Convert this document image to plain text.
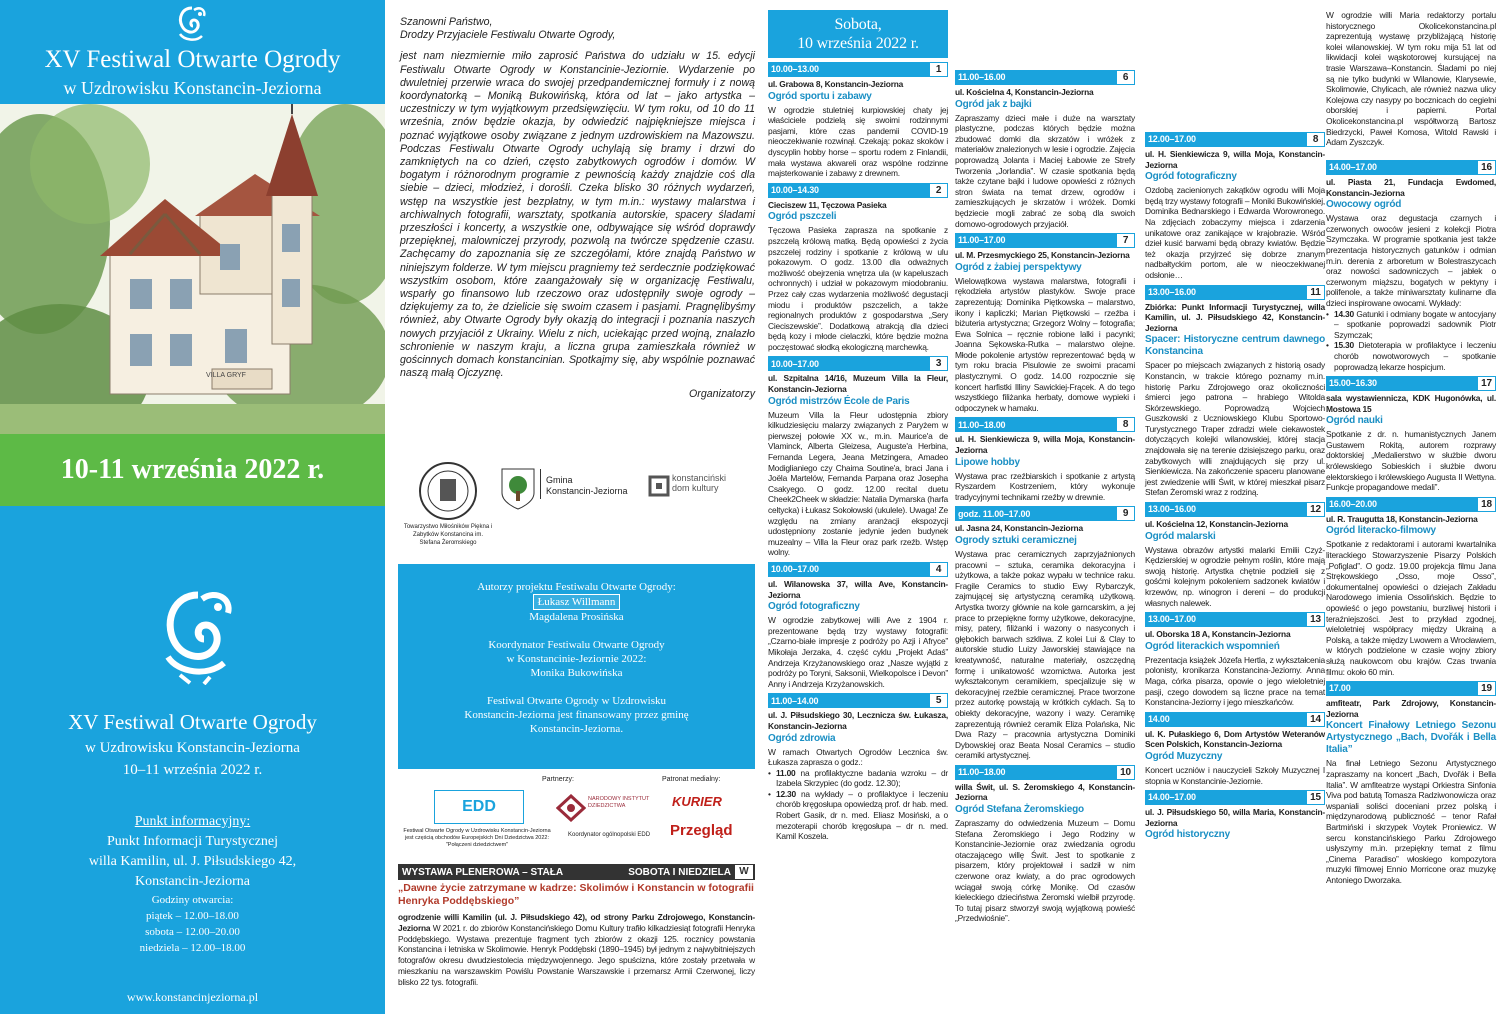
XV Festiwal Otwarte Ogrody
w Uzdrowisku Konstancin-Jeziorna
VILLA GRYF
10-11 września 2022 r.
XV Festiwal Otwarte Ogrody
w Uzdrowisku Konstancin-Jeziorna
10–11 września 2022 r.
Punkt informacyjny:
Punkt Informacji Turystycznej
willa Kamilin, ul. J. Piłsudskiego 42,
Konstancin-Jeziorna
Godziny otwarcia:
piątek – 12.00–18.00
sobota – 12.00–20.00
niedziela – 12.00–18.00
www.konstancinjeziorna.pl
Szanowni Państwo,
Drodzy Przyjaciele Festiwalu Otwarte Ogrody,
jest nam niezmiernie miło zaprosić Państwa do udziału w 15. edycji Festiwalu Otwarte Ogrody w Konstancinie-Jeziornie. Wydarzenie po dwuletniej przerwie wraca do swojej przedpandemicznej formuły i z nową koordynatorką – Moniką Bukowińską, która od lat – jako artystka – uczestniczy w tym wyjątkowym przedsięwzięciu. W tym roku, od 10 do 11 września, znów będzie okazja, by odwiedzić najpiękniejsze miejsca i poznać wyjątkowe osoby związane z jednym uzdrowiskiem na Mazowszu. Podczas Festiwalu Otwarte Ogrody uchylają się bramy i drzwi do zamkniętych na co dzień, często zabytkowych ogrodów i domów. W bogatym i różnorodnym programie z pewnością każdy znajdzie coś dla siebie – dzieci, młodzież, i dorośli. Czeka blisko 30 różnych wydarzeń, wstęp na wszystkie jest bezpłatny, w tym m.in.: wystawy malarstwa i archiwalnych fotografii, warsztaty, spotkania autorskie, spacery śladami przeszłości i koncerty, a wszystkie one, odbywające się wśród doprawdy przepięknej, malowniczej przyrody, pozwolą na twórcze spędzenie czasu. Zachęcamy do zapoznania się ze szczegółami, które znajdą Państwo w niniejszym folderze. W tym miejscu pragniemy też serdecznie podziękować wszystkim osobom, które zaangażowały się w organizację Festiwalu, wsparły go finansowo lub rzeczowo oraz udostępniły swoje ogrody – dziękujemy za to, że dzielicie się swoim czasem i pasjami. Pragnęlibyśmy również, aby Otwarte Ogrody były okazją do integracji i poznania naszych nowych przyjaciół z Ukrainy. Wielu z nich, uciekając przed wojną, znalazło schronienie w naszym kraju, a liczna grupa zamieszkała również w gościnnych domach konstancinian. Spotkajmy się, aby wspólnie poznawać naszą małą Ojczyznę.
Organizatorzy
Towarzystwo Miłośników Piękna i Zabytków Konstancina im. Stefana Żeromskiego
Gmina
Konstancin-Jeziorna
konstanciński dom kultury
Autorzy projektu Festiwalu Otwarte Ogrody:
Łukasz Willmann
Magdalena Prosińska
Koordynator Festiwalu Otwarte Ogrody
w Konstancinie-Jeziornie 2022:
Monika Bukowińska
Festiwal Otwarte Ogrody w Uzdrowisku
Konstancin-Jeziorna jest finansowany przez gminę
Konstancin-Jeziorna.
Partnerzy:	Patronat medialny:
EDD
Festiwal Otwarte Ogrody w Uzdrowisku Konstancin-Jeziorna jest częścią obchodów Europejskich Dni Dziedzictwa 2022: "Połączeni dziedzictwem"
NARODOWY INSTYTUT DZIEDZICTWA
Koordynator ogólnopolski EDD
KURIER
Przegląd
WYSTAWA PLENEROWA – STAŁA	SOBOTA I NIEDZIELA W
„Dawne życie zatrzymane w kadrze: Skolimów i Konstancin w fotografii Henryka Poddębskiego”
ogrodzenie willi Kamilin (ul. J. Piłsudskiego 42), od strony Parku Zdrojowego, Konstancin-Jeziorna W 2021 r. do zbiorów Konstancińskiego Domu Kultury trafiło kilkadziesiąt fotografii Henryka Poddębskiego. Wystawa prezentuje fragment tych zbiorów z okazji 125. rocznicy powstania Konstancina i letniska w Skolimowie. Henryk Poddębski (1890–1945) był jednym z najwybitniejszych fotografów okresu dwudziestolecia międzywojennego. Jego spuścizna, które zostały przetwała w mieszkaniu na warszawskim Powiślu Powstanie Warszawskie i przemarsz Armii Czerwonej, liczy blisko 22 tys. fotografii.
Sobota,
10 września 2022 r.
10.00–13.00	1
ul. Grabowa 8, Konstancin-Jeziorna
Ogród sportu i zabawy
W ogrodzie stuletniej kurpiowskiej chaty jej właściciele podzielą się swoimi rodzinnymi pasjami, które czas pandemii COVID-19 nieoczekiwanie rozwinął. Czekają: pokaz skoków i dyscyplin hobby horse – sportu rodem z Finlandii, mała wystawa akwareli oraz wspólne rodzinne majsterkowanie i zabawy z drewnem.
10.00–14.30	2
Cieciszew 11, Tęczowa Pasieka
Ogród pszczeli
Tęczowa Pasieka zaprasza na spotkanie z pszczelą królową matką. Będą opowieści z życia pszczelej rodziny i spotkanie z królową w ulu pokazowym. O godz. 13.00 dla odważnych możliwość obejrzenia wnętrza ula (w kapeluszach ochronnych) i udział w pokazowym miodobraniu. Przez cały czas wydarzenia możliwość degustacji miodu i produktów pszczelich, a także regionalnych produktów z gospodarstwa „Sery Cieciszewskie”. Dodatkową atrakcją dla dzieci będą kozy i młode cielaczki, które będzie można poczęstować słodką ekologiczną marchewką.
10.00–17.00	3
ul. Szpitalna 14/16, Muzeum Villa la Fleur, Konstancin-Jeziorna
Ogród mistrzów École de Paris
Muzeum Villa la Fleur udostępnia zbiory kilkudziesięciu malarzy związanych z Paryżem w pierwszej połowie XX w., m.in. Maurice'a de Vlaminck, Alberta Gleizesa, Auguste'a Herbina, Fernanda Legera, Jeana Metzingera, Amadeo Modiglianiego czy Chaima Soutine'a, braci Jana i Joëla Martelów, Fernanda Parpana oraz Josepha Csakyego. O godz. 12.00 recital duetu Cheek2Cheek w składzie: Natalia Dymarska (harfa celtycka) i Łukasz Sokołowski (ukulele). Uwaga! Ze względu na zmiany aranżacji ekspozycji udostępniony zostanie jedynie jeden budynek muzealny – Villa la Fleur oraz park rzeźb. Wstęp wolny.
10.00–17.00	4
ul. Wilanowska 37, willa Ave, Konstancin-Jeziorna
Ogród fotograficzny
W ogrodzie zabytkowej willi Ave z 1904 r. prezentowane będą trzy wystawy fotografii: „Czarno-białe impresje z podróży po Azji i Afryce” Mikołaja Jerzaka, 4. część cyklu „Projekt Adaś” Andrzeja Krzyżanowskiego oraz „Nasze wyjątki z podróży po Toryni, Saksonii, Wielkopolsce i Devon” Anny i Andrzeja Krzyżanowskich.
11.00–14.00	5
ul. J. Piłsudskiego 30, Leczniczа św. Łukasza, Konstancin-Jeziorna
Ogród zdrowia
W ramach Otwartych Ogrodów Lecznica św. Łukasza zaprasza o godz.:
• 11.00 na profilaktyczne badania wzroku – dr Izabela Skrzypiec (do godz. 12.30);
• 12.30 na wykłady – o profilaktyce i leczeniu chorób kręgosłupa opowiedzą prof. dr hab. med. Robert Gasik, dr n. med. Eliasz Mosiński, a o mezoterapii chorób kręgosłupa – dr n. med. Kamil Koszela.
11.00–16.00	6
ul. Kościelna 4, Konstancin-Jeziorna
Ogród jak z bajki
Zapraszamy dzieci małe i duże na warsztaty plastyczne, podczas których będzie można zbudować domki dla skrzatów i wróżek z materiałów znalezionych w lesie i ogrodzie. Zajęcia poprowadzą Jolanta i Maciej Łabowie ze Strefy Tworzenia „Jorlandia”. W czasie spotkania będą także czytane bajki i ludowe opowieści z różnych stron świata na temat drzew, ogrodów i zamieszkujących je skrzatów i wróżek. Domki będziecie mogli zabrać ze sobą dla swoich domowo-ogrodowych przyjaciół.
11.00–17.00	7
ul. M. Przesmyckiego 25, Konstancin-Jeziorna
Ogród z żabiej perspektywy
Wielowątkowa wystawa malarstwa, fotografii i rękodzieła artystów plastyków. Swoje prace zaprezentują: Dominika Piętkowska – malarstwo, ikony i kapliczki; Marian Piętkowski – rzeźba i biżuteria artystyczna; Grzegorz Wolny – fotografia; Ewa Solnica – ręcznie robione lalki i pacynki; Joanna Sękowska-Rutka – malarstwo olejne. Młode pokolenie artystów reprezentować będą w tym roku bracia Pisulowie ze swoimi pracami plastycznymi. O godz. 14.00 rozpocznie się koncert harfistki Illiny Sawickiej-Frącek. A do tego wszystkiego filiżanka herbaty, domowe wypieki i odpoczynek w hamaku.
11.00–18.00	8
ul. H. Sienkiewicza 9, willa Moja, Konstancin-Jeziorna
Lipowe hobby
Wystawa prac rzeźbiarskich i spotkanie z artystą Ryszardem Kostrzeniem, który wykonuje tradycyjnymi technikami rzeźby w drewnie.
godz. 11.00–17.00	9
ul. Jasna 24, Konstancin-Jeziorna
Ogrody sztuki ceramicznej
Wystawa prac ceramicznych zaprzyjaźnionych pracowni – sztuka, ceramika dekoracyjna i użytkowa, a także pokaz wypału w technice raku. Fragile Ceramics to studio Ewy Rybarczyk, zajmującej się artystyczną ceramiką użytkową. Artystka tworzy głównie na kole garncarskim, a jej prace to przepiękne formy użytkowe, dekoracyjne, misy, patery, filiżanki i wazony o nasyconych i głębokich barwach szkliwa. Z kolei Lui & Clay to autorskie studio Luizy Jaworskiej stawiające na kreatywność, naturalne materiały, oszczędną formę i unikatowość wzornictwa. Autorka jest wykształconym ceramikiem, specjalizuje się w dekoracyjnej rzeźbie ceramicznej. Prace tworzone przez autorkę powstają w krótkich cyklach. Są to obiekty dekoracyjne, wazony i wazy. Ceramikę zaprezentują również ceramik Eliza Polańska, Nic Dwa Razy – pracownia artystyczna Dominiki Dybowskiej oraz Beata Nosal Ceramics – studio ceramiki artystycznej.
11.00–18.00	10
willa Świt, ul. S. Żeromskiego 4, Konstancin-Jeziorna
Ogród Stefana Żeromskiego
Zapraszamy do odwiedzenia Muzeum – Domu Stefana Żeromskiego i Jego Rodziny w Konstancinie-Jeziornie oraz zwiedzania ogrodu otaczającego willę Świt. Jest to spotkanie z pisarzem, który projektował i sadził w nim czerwone oraz kwiaty, a do prac ogrodowych wciągał swoją córkę Monikę. Od czasów kieleckiego dzieciństwa Żeromski wielbił przyrodę. To tutaj pisarz stworzył swoją wyjątkową powieść „Przedwiośnie”.
12.00–17.00	8
ul. H. Sienkiewicza 9, willa Moja, Konstancin-Jeziorna
Ogród fotograficzny
Ozdobą zacienionych zakątków ogrodu willi Moja będą trzy wystawy fotografii – Moniki Bukowińskiej, Dominika Bednarskiego i Edwarda Worowronego. Na zdjęciach zobaczymy miejsca i zdarzenia unikatowe oraz zanikające w krajobrazie. Wśród dzieł kusić barwami będą obrazy kwiatów. Będzie też okazja przyjrzeć się dobrze znanym nadbałtyckim portom, ale w nieoczekiwanej odsłonie…
13.00–16.00	11
Zbiórka: Punkt Informacji Turystycznej, willa Kamilin, ul. J. Piłsudskiego 42, Konstancin-Jeziorna
Spacer: Historyczne centrum dawnego Konstancina
Spacer po miejscach związanych z historią osady Konstancin, w trakcie którego poznamy m.in. historię Parku Zdrojowego oraz okoliczności śmierci jego patrona – hrabiego Witolda Skórzewskiego. Poprowadzą Wojciech Guszkowski z Uczniowskiego Klubu Sportowo-Turystycznego Traper zdradzi wiele ciekawostek dotyczących kolejki wilanowskiej, której stacja znajdowała się na terenie dzisiejszego parku, oraz zabytkowych willi znajdujących się przy ul. Sienkiewicza. Na zakończenie spaceru planowane jest zwiedzenie willi Świt, w której mieszkał pisarz Stefan Żeromski wraz z rodziną.
13.00–16.00	12
ul. Kościelna 12, Konstancin-Jeziorna
Ogród malarski
Wystawa obrazów artystki malarki Emilii Czyż-Kędzierskiej w ogrodzie pełnym roślin, które mają swoją historię. Artystka chętnie podzieli się z gośćmi kolejnym pokoleniem sadzonek kwiatów i krzewów, np. winogron i dereni – do produkcji własnych nalewek.
13.00–17.00	13
ul. Oborska 18 A, Konstancin-Jeziorna
Ogród literackich wspomnień
Prezentacja książek Józefa Hertla, z wykształcenia polonisty, kronikarza Konstancina-Jeziorny. Anna Maga, córka pisarza, opowie o jego wieloletniej pasji, czego dowodem są liczne prace na temat Konstancina-Jeziorny i jego mieszkańców.
14.00	14
ul. K. Pułaskiego 6, Dom Artystów Weteranów Scen Polskich, Konstancin-Jeziorna
Ogród Muzyczny
Koncert uczniów i nauczycieli Szkoły Muzycznej I stopnia w Konstancinie-Jeziornie.
14.00–17.00	15
ul. J. Piłsudskiego 50, willa Maria, Konstancin-Jeziorna
Ogród historyczny
W ogrodzie willi Maria redaktorzy portalu historycznego Okolicekonstancina.pl zaprezentują wystawę przybliżającą historię kolei wilanowskiej. W tym roku mija 51 lat od likwidacji kolei wąskotorowej kursującej na trasie Warszawa–Konstancin. Śladami po niej są nie tylko budynki w Wilanowie, Klarysewie, Skolimowie, Chylicach, ale również nazwa ulicy Kolejowa czy nasypy po bocznicach do cegielni oborskiej i papierni. Portal Okolicekonstancina.pl współtworzą Bartosz Biedrzycki, Paweł Komosa, Witold Rawski i Adam Zyszczyk.
14.00–17.00	16
ul. Piasta 21, Fundacja Ewdomed, Konstancin-Jeziorna
Owocowy ogród
Wystawa oraz degustacja czarnych i czerwonych owoców jesieni z kolekcji Piotra Szymczaka. W programie spotkania jest także prezentacja historycznych gatunków i odmian m.in. derenia z arboretum w Bolestraszycach oraz nowości sadowniczych – jabłek o czerwonym miąższu, bogatych w pektyny i polifenole, a także miniwarsztaty kulinarne dla dzieci inspirowane owocami. Wykłady:
• 14.30 Gatunki i odmiany bogate w antocyjany – spotkanie poprowadzi sadownik Piotr Szymczak;
• 15.30 Dietoterapia w profilaktyce i leczeniu chorób nowotworowych – spotkanie poprowadzą lekarze hospicjum.
15.00–16.30	17
sala wystawiennicza, KDK Hugonówka, ul. Mostowa 15
Ogród nauki
Spotkanie z dr. n. humanistycznych Janem Gustawem Rokitą, autorem rozprawy doktorskiej „Medalierstwo w służbie dworu królewskiego Sobieskich i służbie dworu elektorskiego i królewskiego Augusta II Wettyna. Funkcje propagandowe medali”.
16.00–20.00	18
ul. R. Traugutta 18, Konstancin-Jeziorna
Ogród literacko-filmowy
Spotkanie z redaktorami i autorami kwartalnika literackiego Stowarzyszenie Pisarzy Polskich „Pofiglad”. O godz. 19.00 projekcja filmu Jana Strękowskiego „Osso, moje Osso”, dokumentalnej opowieści o dziejach Zakładu Narodowego imienia Ossolińskich. Będzie to opowieść o jego powstaniu, burzliwej historii i teraźniejszości. Jest to przykład zgodnej, wieloletniej współpracy między Ukrainą a Polską, a także między Lwowem a Wrocławiem, w których podzielone w czasie wojny zbiory służą naukowcom obu krajów. Czas trwania filmu: około 60 min.
17.00	19
amfiteatr, Park Zdrojowy, Konstancin-Jeziorna
Koncert Finałowy Letniego Sezonu Artystycznego „Bach, Dvořák i Bella Italia”
Na finał Letniego Sezonu Artystycznego zapraszamy na koncert „Bach, Dvořák i Bella Italia”. W amfiteatrze wystąpi Orkiestra Sinfonia Viva pod batutą Tomasza Radziwonowicza oraz wspaniali soliści doceniani przez polską i międzynarodową publiczność – tenor Rafał Bartmiński i skrzypek Voytek Proniewicz. W sercu konstancińskiego Parku Zdrojowego usłyszymy m.in. przepiękny temat z filmu „Cinema Paradiso” włoskiego kompozytora muzyki filmowej Ennio Morricone oraz muzykę Antoniego Dworzaka.
